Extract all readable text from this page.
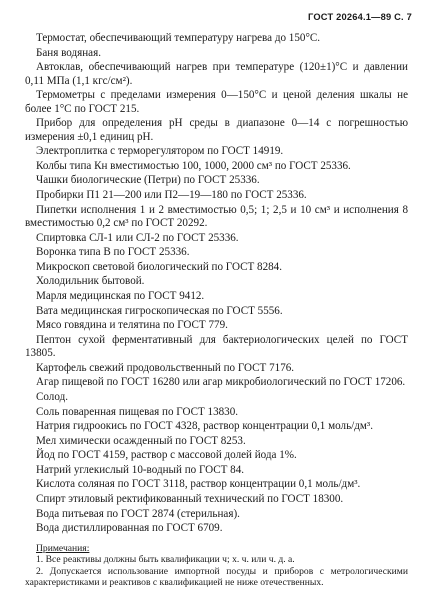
ГОСТ 20264.1—89 С. 7
Термостат, обеспечивающий температуру нагрева до 150°С.
Баня водяная.
Автоклав, обеспечивающий нагрев при температуре (120±1)°С и давлении 0,11 МПа (1,1 кгс/см²).
Термометры с пределами измерения 0—150°С и ценой деления шкалы не более 1°С по ГОСТ 215.
Прибор для определения pH среды в диапазоне 0—14 с погрешностью измерения ±0,1 единиц pH.
Электроплитка с терморегулятором по ГОСТ 14919.
Колбы типа Кн вместимостью 100, 1000, 2000 см³ по ГОСТ 25336.
Чашки биологические (Петри) по ГОСТ 25336.
Пробирки П1 21—200 или П2—19—180 по ГОСТ 25336.
Пипетки исполнения 1 и 2 вместимостью 0,5; 1; 2,5 и 10 см³ и исполнения 8 вместимостью 0,2 см³ по ГОСТ 20292.
Спиртовка СЛ-1 или СЛ-2 по ГОСТ 25336.
Воронка типа В по ГОСТ 25336.
Микроскоп световой биологический по ГОСТ 8284.
Холодильник бытовой.
Марля медицинская по ГОСТ 9412.
Вата медицинская гигроскопическая по ГОСТ 5556.
Мясо говядина и телятина по ГОСТ 779.
Пептон сухой ферментативный для бактериологических целей по ГОСТ 13805.
Картофель свежий продовольственный по ГОСТ 7176.
Агар пищевой по ГОСТ 16280 или агар микробиологический по ГОСТ 17206.
Солод.
Соль поваренная пищевая по ГОСТ 13830.
Натрия гидроокись по ГОСТ 4328, раствор концентрации 0,1 моль/дм³.
Мел химически осажденный по ГОСТ 8253.
Йод по ГОСТ 4159, раствор с массовой долей йода 1%.
Натрий углекислый 10-водный по ГОСТ 84.
Кислота соляная по ГОСТ 3118, раствор концентрации 0,1 моль/дм³.
Спирт этиловый ректификованный технический по ГОСТ 18300.
Вода питьевая по ГОСТ 2874 (стерильная).
Вода дистиллированная по ГОСТ 6709.
Примечания:
1. Все реактивы должны быть квалификации ч; х. ч. или ч. д. а.
2. Допускается использование импортной посуды и приборов с метрологическими характеристиками и реактивов с квалификацией не ниже отечественных.
